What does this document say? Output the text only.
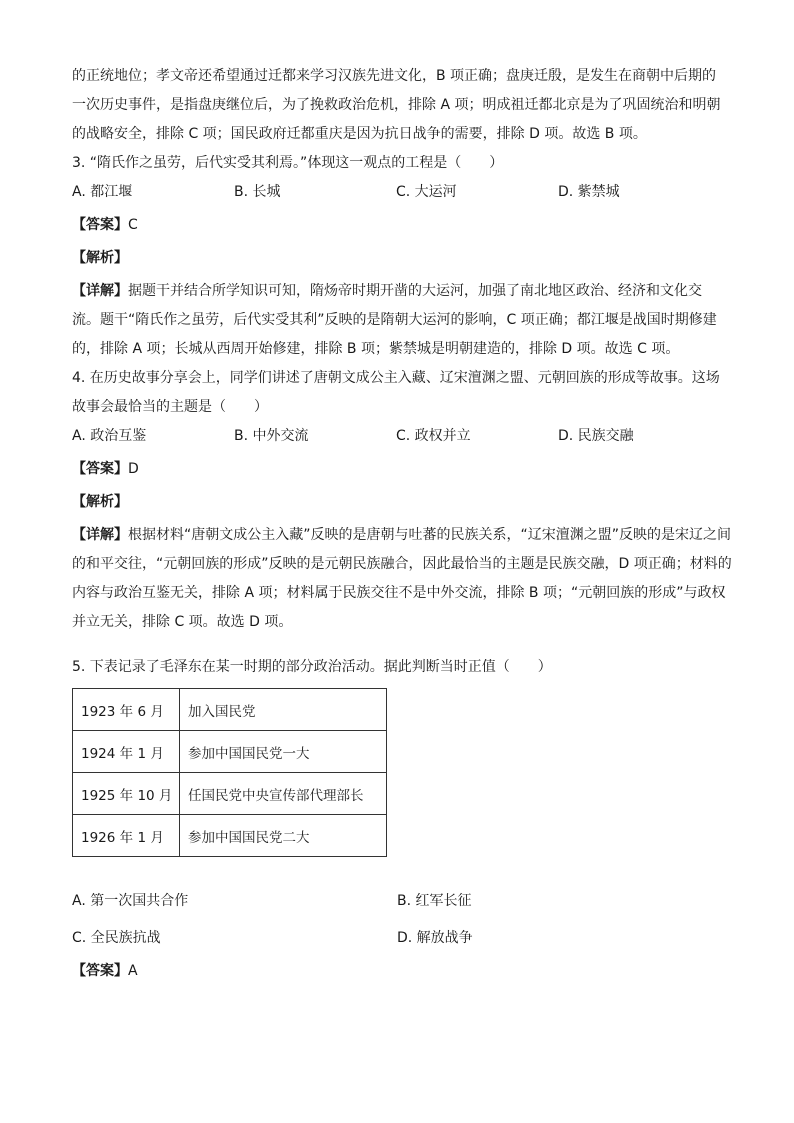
的正统地位；孝文帝还希望通过迁都来学习汉族先进文化，B 项正确；盘庚迁殷，是发生在商朝中后期的
一次历史事件，是指盘庚继位后，为了挽救政治危机，排除 A 项；明成祖迁都北京是为了巩固统治和明朝
的战略安全，排除 C 项；国民政府迁都重庆是因为抗日战争的需要，排除 D 项。故选 B 项。
3. “隋氏作之虽劳，后代实受其利焉。”体现这一观点的工程是（　　）
A. 都江堰	B. 长城	C. 大运河	D. 紫禁城
【答案】C
【解析】
【详解】据题干并结合所学知识可知，隋炀帝时期开凿的大运河，加强了南北地区政治、经济和文化交
流。题干“隋氏作之虽劳，后代实受其利”反映的是隋朝大运河的影响，C 项正确；都江堰是战国时期修建
的，排除 A 项；长城从西周开始修建，排除 B 项；紫禁城是明朝建造的，排除 D 项。故选 C 项。
4. 在历史故事分享会上，同学们讲述了唐朝文成公主入藏、辽宋澶渊之盟、元朝回族的形成等故事。这场
故事会最恰当的主题是（　　）
A. 政治互鉴	B. 中外交流	C. 政权并立	D. 民族交融
【答案】D
【解析】
【详解】根据材料“唐朝文成公主入藏”反映的是唐朝与吐蕃的民族关系，“辽宋澶渊之盟”反映的是宋辽之间
的和平交往，“元朝回族的形成”反映的是元朝民族融合，因此最恰当的主题是民族交融，D 项正确；材料的
内容与政治互鉴无关，排除 A 项；材料属于民族交往不是中外交流，排除 B 项；“元朝回族的形成”与政权
并立无关，排除 C 项。故选 D 项。
5. 下表记录了毛泽东在某一时期的部分政治活动。据此判断当时正值（　　）
1923 年 6 月	加入国民党
1924 年 1 月	参加中国国民党一大
1925 年 10 月	任国民党中央宣传部代理部长
1926 年 1 月	参加中国国民党二大
A. 第一次国共合作	B. 红军长征
C. 全民族抗战	D. 解放战争
【答案】A
